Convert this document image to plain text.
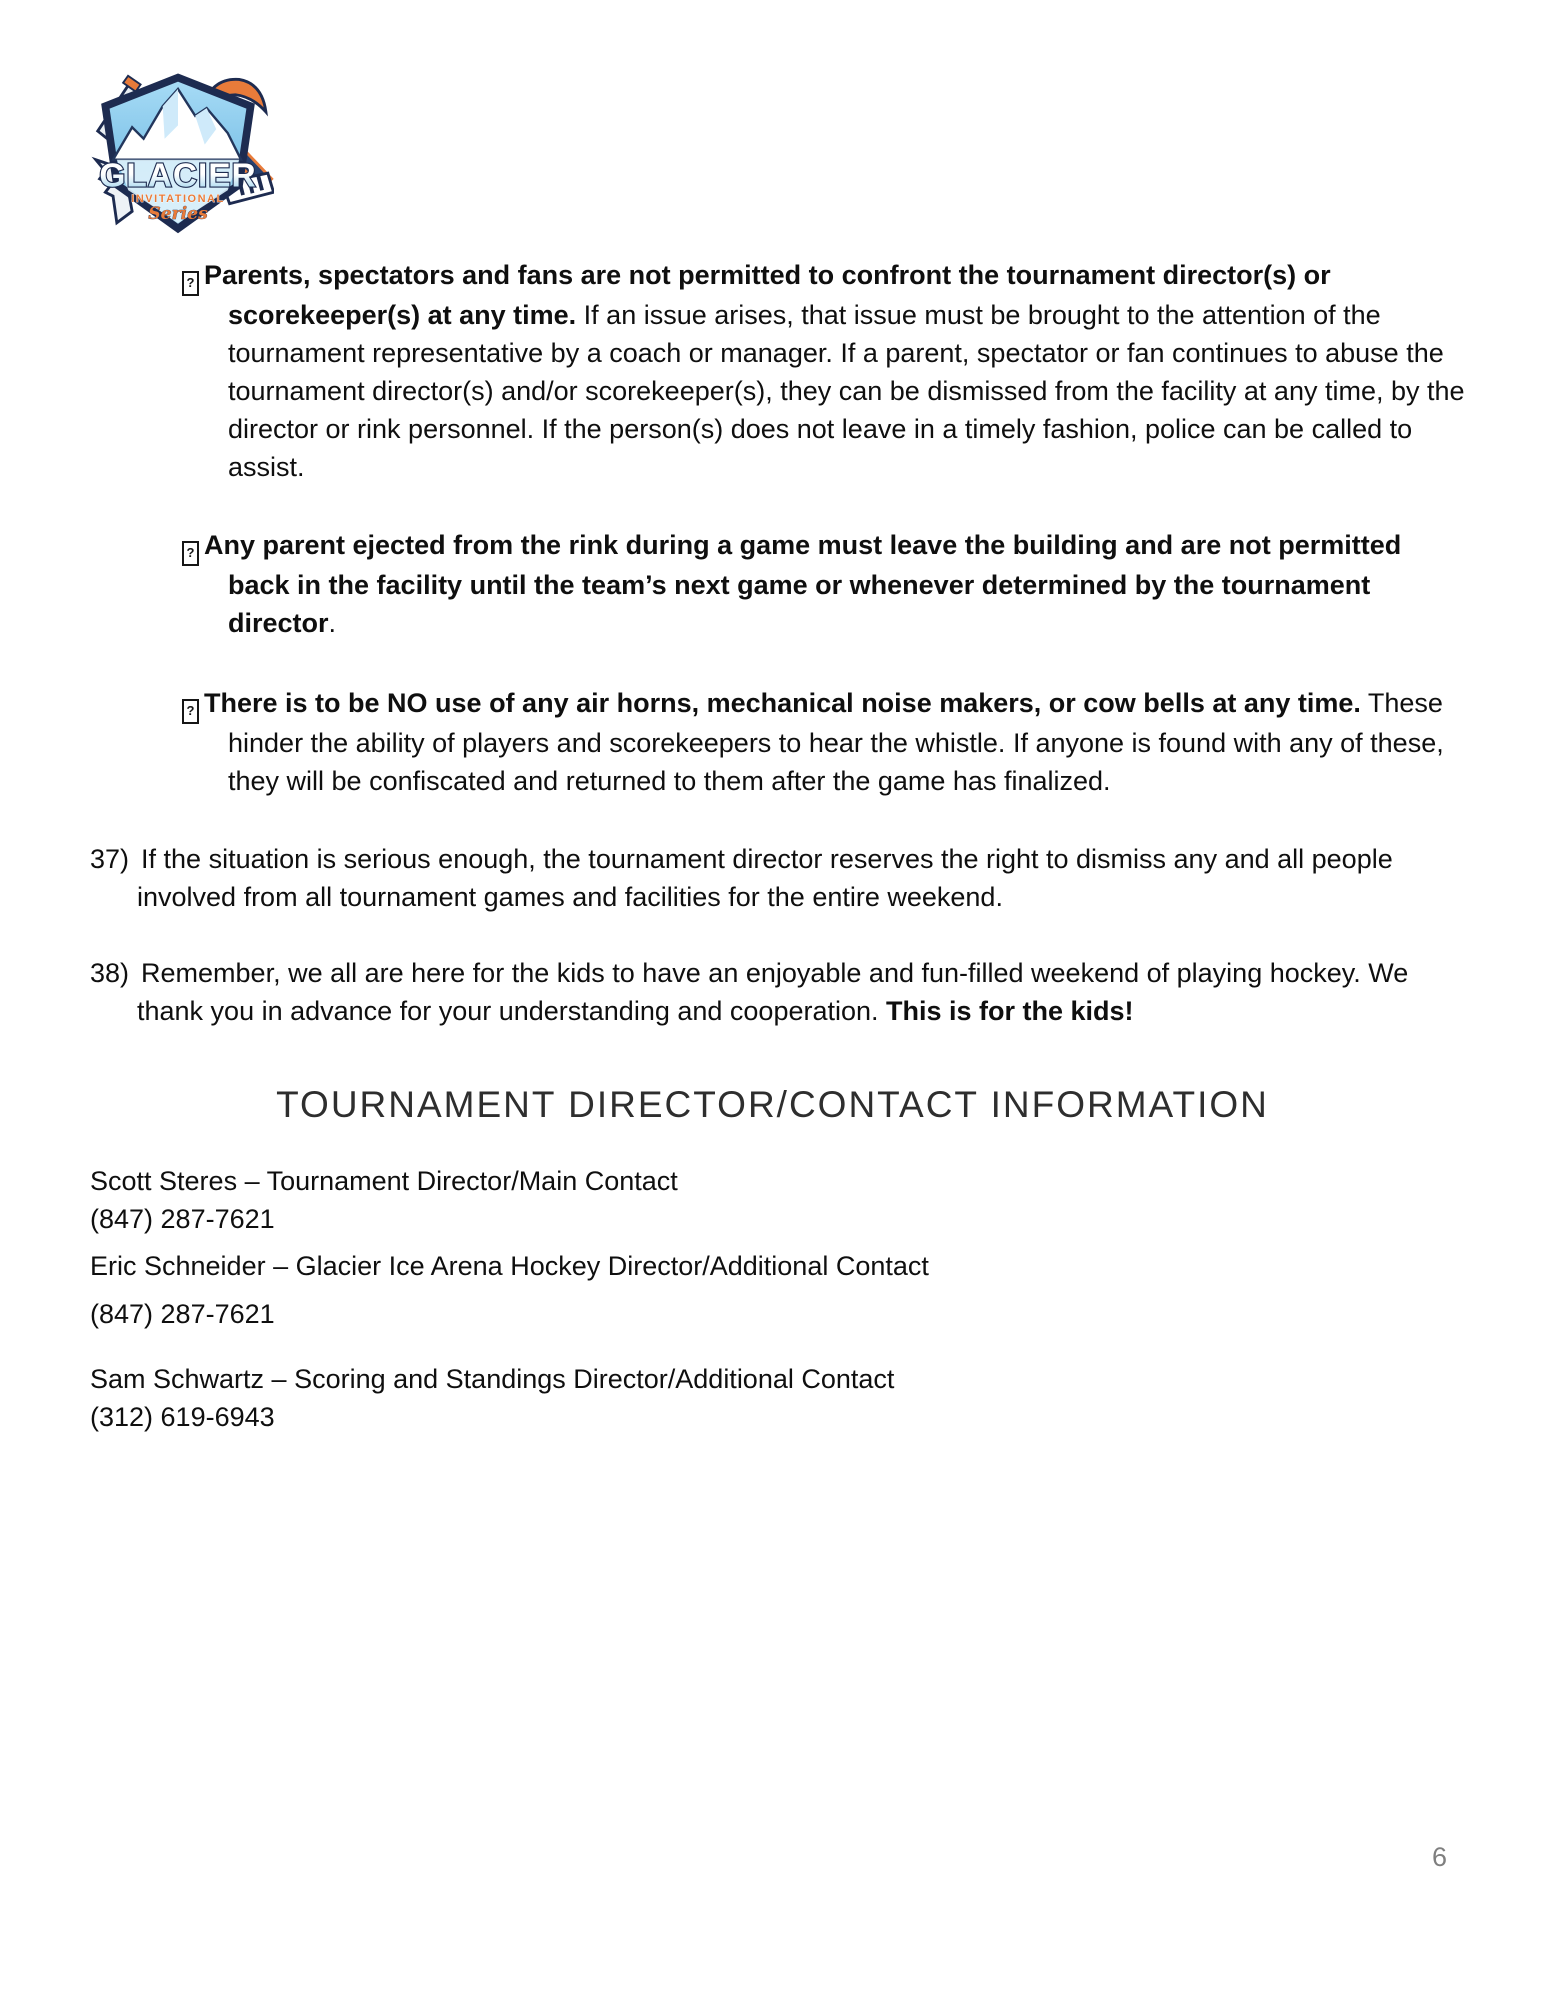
GLACIER
INVITATIONAL
Series

? Parents, spectators and fans are not permitted to confront the tournament director(s) or scorekeeper(s) at any time. If an issue arises, that issue must be brought to the attention of the tournament representative by a coach or manager. If a parent, spectator or fan continues to abuse the tournament director(s) and/or scorekeeper(s), they can be dismissed from the facility at any time, by the director or rink personnel. If the person(s) does not leave in a timely fashion, police can be called to assist.

? Any parent ejected from the rink during a game must leave the building and are not permitted back in the facility until the team’s next game or whenever determined by the tournament director.

? There is to be NO use of any air horns, mechanical noise makers, or cow bells at any time. These hinder the ability of players and scorekeepers to hear the whistle. If anyone is found with any of these, they will be confiscated and returned to them after the game has finalized.

37) If the situation is serious enough, the tournament director reserves the right to dismiss any and all people involved from all tournament games and facilities for the entire weekend.

38) Remember, we all are here for the kids to have an enjoyable and fun-filled weekend of playing hockey. We thank you in advance for your understanding and cooperation. This is for the kids!

TOURNAMENT DIRECTOR/CONTACT INFORMATION

Scott Steres – Tournament Director/Main Contact

(847) 287-7621

Eric Schneider – Glacier Ice Arena Hockey Director/Additional Contact

(847) 287-7621

Sam Schwartz – Scoring and Standings Director/Additional Contact

(312) 619-6943

6
